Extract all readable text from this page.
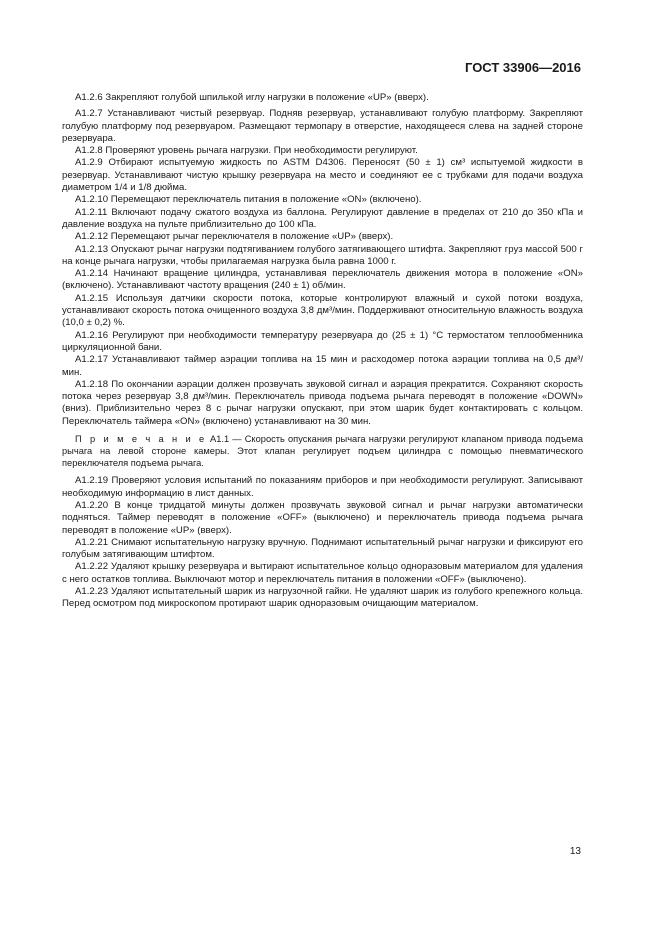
ГОСТ 33906—2016

А1.2.6 Закрепляют голубой шпилькой иглу нагрузки в положение «UP» (вверх).

А1.2.7 Устанавливают чистый резервуар. Подняв резервуар, устанавливают голубую платформу. Закрепляют голубую платформу под резервуаром. Размещают термопару в отверстие, находящееся слева на задней стороне резервуара.

А1.2.8 Проверяют уровень рычага нагрузки. При необходимости регулируют.

А1.2.9 Отбирают испытуемую жидкость по ASTM D4306. Переносят (50 ± 1) см³ испытуемой жидкости в резервуар. Устанавливают чистую крышку резервуара на место и соединяют ее с трубками для подачи воздуха диаметром 1/4 и 1/8 дюйма.

А1.2.10 Перемещают переключатель питания в положение «ON» (включено).

А1.2.11 Включают подачу сжатого воздуха из баллона. Регулируют давление в пределах от 210 до 350 кПа и давление воздуха на пульте приблизительно до 100 кПа.

А1.2.12 Перемещают рычаг переключателя в положение «UP» (вверх).

А1.2.13 Опускают рычаг нагрузки подтягиванием голубого затягивающего штифта. Закрепляют груз массой 500 г на конце рычага нагрузки, чтобы прилагаемая нагрузка была равна 1000 г.

А1.2.14 Начинают вращение цилиндра, устанавливая переключатель движения мотора в положение «ON» (включено). Устанавливают частоту вращения (240 ± 1) об/мин.

А1.2.15 Используя датчики скорости потока, которые контролируют влажный и сухой потоки воздуха, устанавливают скорость потока очищенного воздуха 3,8 дм³/мин. Поддерживают относительную влажность воздуха (10,0 ± 0,2) %.

А1.2.16 Регулируют при необходимости температуру резервуара до (25 ± 1) °С термостатом теплообменника циркуляционной бани.

А1.2.17 Устанавливают таймер аэрации топлива на 15 мин и расходомер потока аэрации топлива на 0,5 дм³/мин.

А1.2.18 По окончании аэрации должен прозвучать звуковой сигнал и аэрация прекратится. Сохраняют скорость потока через резервуар 3,8 дм³/мин. Переключатель привода подъема рычага переводят в положение «DOWN» (вниз). Приблизительно через 8 с рычаг нагрузки опускают, при этом шарик будет контактировать с кольцом. Переключатель таймера «ON» (включено) устанавливают на 30 мин.

П р и м е ч а н и е А1.1 — Скорость опускания рычага нагрузки регулируют клапаном привода подъема рычага на левой стороне камеры. Этот клапан регулирует подъем цилиндра с помощью пневматического переключателя подъема рычага.

А1.2.19 Проверяют условия испытаний по показаниям приборов и при необходимости регулируют. Записывают необходимую информацию в лист данных.

А1.2.20 В конце тридцатой минуты должен прозвучать звуковой сигнал и рычаг нагрузки автоматически подняться. Таймер переводят в положение «OFF» (выключено) и переключатель привода подъема рычага переводят в положение «UP» (вверх).

А1.2.21 Снимают испытательную нагрузку вручную. Поднимают испытательный рычаг нагрузки и фиксируют его голубым затягивающим штифтом.

А1.2.22 Удаляют крышку резервуара и вытирают испытательное кольцо одноразовым материалом для удаления с него остатков топлива. Выключают мотор и переключатель питания в положении «OFF» (выключено).

А1.2.23 Удаляют испытательный шарик из нагрузочной гайки. Не удаляют шарик из голубого крепежного кольца. Перед осмотром под микроскопом протирают шарик одноразовым очищающим материалом.

13
